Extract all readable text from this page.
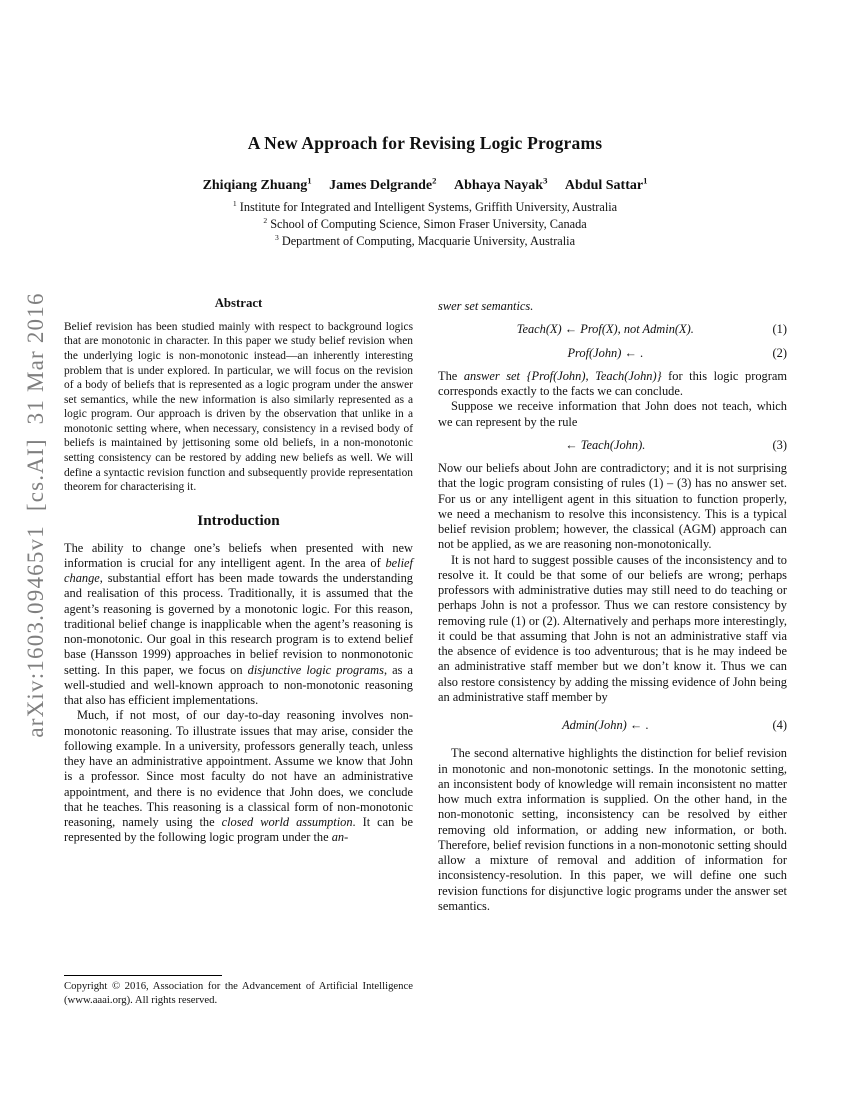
arXiv:1603.09465v1  [cs.AI]  31 Mar 2016
A New Approach for Revising Logic Programs
Zhiqiang Zhuang$^1$ James Delgrande$^2$ Abhaya Nayak$^3$ Abdul Sattar$^1$
$^1$ Institute for Integrated and Intelligent Systems, Griffith University, Australia
$^2$ School of Computing Science, Simon Fraser University, Canada
$^3$ Department of Computing, Macquarie University, Australia
Abstract

Belief revision has been studied mainly with respect to background logics that are monotonic in character. In this paper we study belief revision when the underlying logic is non-monotonic instead—an inherently interesting problem that is under explored. In particular, we will focus on the revision of a body of beliefs that is represented as a logic program under the answer set semantics, while the new information is also similarly represented as a logic program. Our approach is driven by the observation that unlike in a monotonic setting where, when necessary, consistency in a revised body of beliefs is maintained by jettisoning some old beliefs, in a non-monotonic setting consistency can be restored by adding new beliefs as well. We will define a syntactic revision function and subsequently provide representation theorem for characterising it.

Introduction

The ability to change one’s beliefs when presented with new information is crucial for any intelligent agent. In the area of belief change, substantial effort has been made towards the understanding and realisation of this process. Traditionally, it is assumed that the agent’s reasoning is governed by a monotonic logic. For this reason, traditional belief change is inapplicable when the agent’s reasoning is non-monotonic. Our goal in this research program is to extend belief base (Hansson 1999) approaches in belief revision to nonmonotonic setting. In this paper, we focus on disjunctive logic programs, as a well-studied and well-known approach to non-monotonic reasoning that also has efficient implementations.

Much, if not most, of our day-to-day reasoning involves non-monotonic reasoning. To illustrate issues that may arise, consider the following example. In a university, professors generally teach, unless they have an administrative appointment. Assume we know that John is a professor. Since most faculty do not have an administrative appointment, and there is no evidence that John does, we conclude that he teaches. This reasoning is a classical form of non-monotonic reasoning, namely using the closed world assumption. It can be represented by the following logic program under the an-

swer set semantics.

Teach(X) ← Prof(X), not Admin(X).	(1)
Prof(John) ← .	(2)

The answer set {Prof(John), Teach(John)} for this logic program corresponds exactly to the facts we can conclude.

Suppose we receive information that John does not teach, which we can represent by the rule

← Teach(John).	(3)

Now our beliefs about John are contradictory; and it is not surprising that the logic program consisting of rules (1) – (3) has no answer set. For us or any intelligent agent in this situation to function properly, we need a mechanism to resolve this inconsistency. This is a typical belief revision problem; however, the classical (AGM) approach can not be applied, as we are reasoning non-monotonically.

It is not hard to suggest possible causes of the inconsistency and to resolve it. It could be that some of our beliefs are wrong; perhaps professors with administrative duties may still need to do teaching or perhaps John is not a professor. Thus we can restore consistency by removing rule (1) or (2). Alternatively and perhaps more interestingly, it could be that assuming that John is not an administrative staff via the absence of evidence is too adventurous; that is he may indeed be an administrative staff member but we don’t know it. Thus we can also restore consistency by adding the missing evidence of John being an administrative staff member by

Admin(John) ← .	(4)

The second alternative highlights the distinction for belief revision in monotonic and non-monotonic settings. In the monotonic setting, an inconsistent body of knowledge will remain inconsistent no matter how much extra information is supplied. On the other hand, in the non-monotonic setting, inconsistency can be resolved by either removing old information, or adding new information, or both. Therefore, belief revision functions in a non-monotonic setting should allow a mixture of removal and addition of information for inconsistency-resolution. In this paper, we will define one such revision functions for disjunctive logic programs under the answer set semantics.

Copyright © 2016, Association for the Advancement of Artificial Intelligence (www.aaai.org). All rights reserved.
